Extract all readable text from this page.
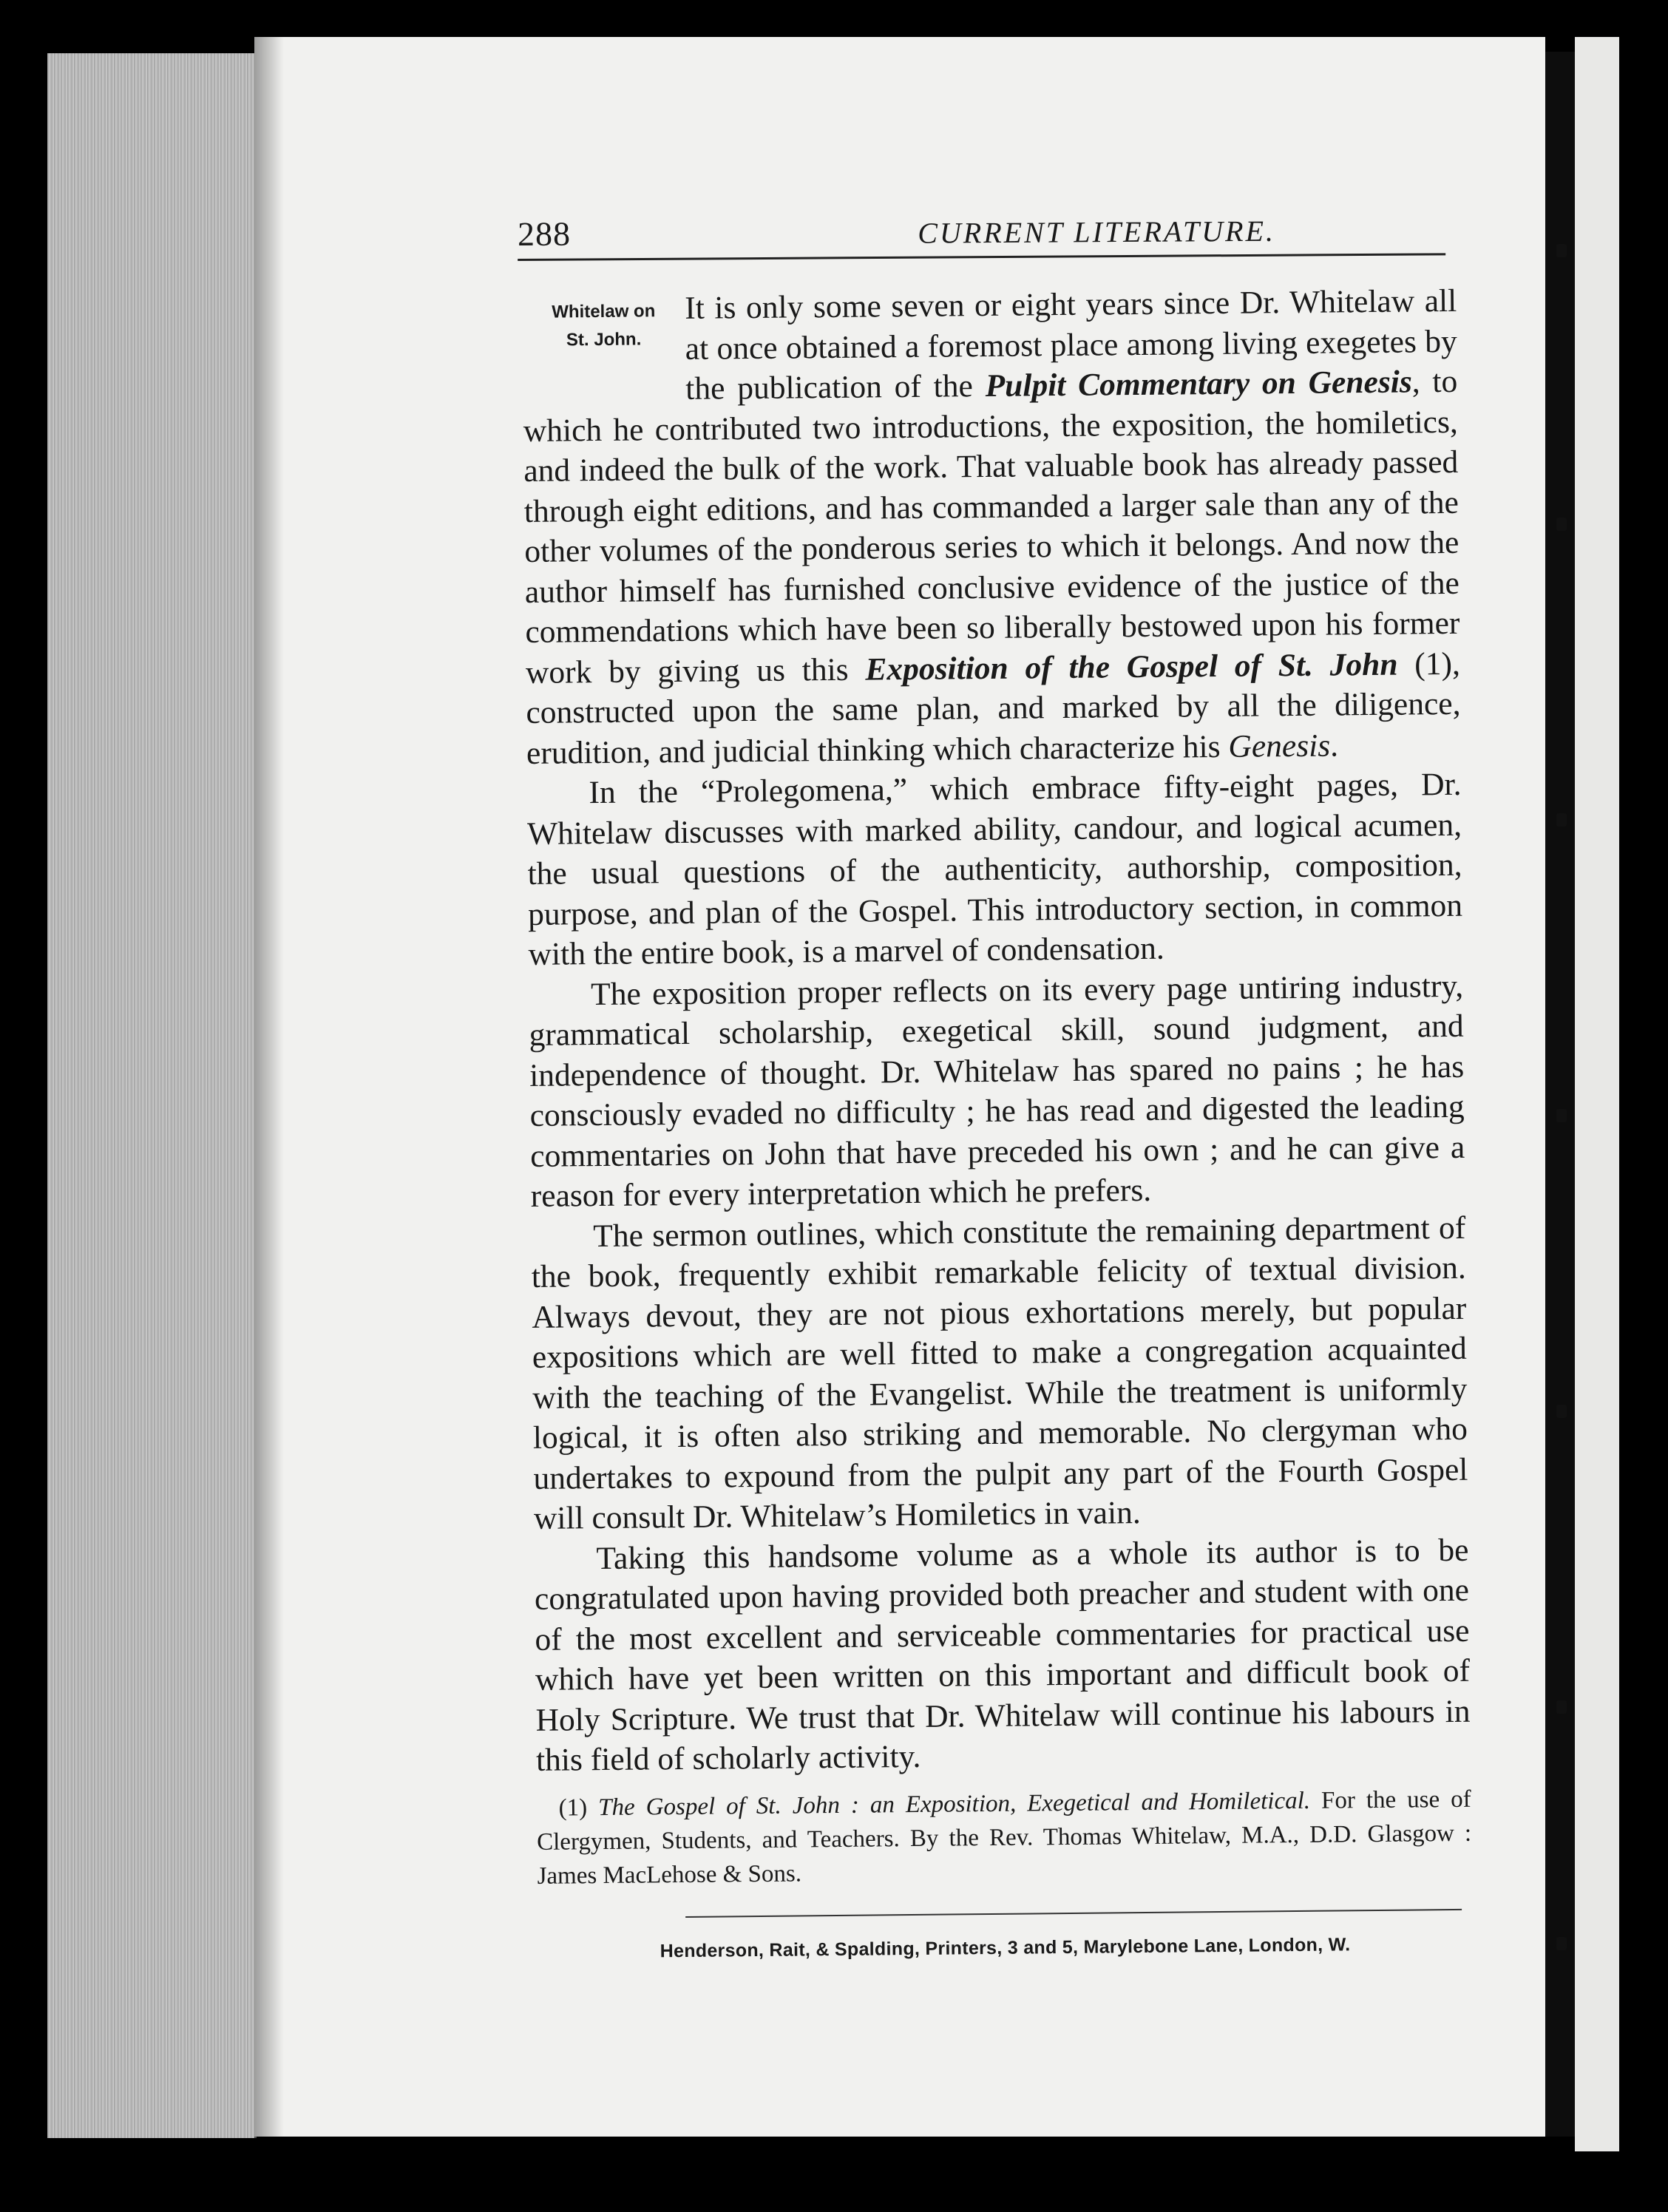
288	CURRENT LITERATURE.
Whitelaw on
St. John.

It is only some seven or eight years since Dr. Whitelaw all at once obtained a foremost place among living exegetes by the publication of the Pulpit Commentary on Genesis, to which he contributed two introductions, the exposition, the homiletics, and indeed the bulk of the work. That valuable book has already passed through eight editions, and has commanded a larger sale than any of the other volumes of the ponderous series to which it belongs. And now the author himself has furnished conclusive evidence of the justice of the commendations which have been so liberally bestowed upon his former work by giving us this Exposition of the Gospel of St. John (1), constructed upon the same plan, and marked by all the diligence, erudition, and judicial thinking which characterize his Genesis.

In the “Prolegomena,” which embrace fifty-eight pages, Dr. Whitelaw discusses with marked ability, candour, and logical acumen, the usual questions of the authenticity, authorship, composition, purpose, and plan of the Gospel. This introductory section, in common with the entire book, is a marvel of condensation.

The exposition proper reflects on its every page untiring industry, grammatical scholarship, exegetical skill, sound judgment, and independence of thought. Dr. Whitelaw has spared no pains ; he has consciously evaded no difficulty ; he has read and digested the leading commentaries on John that have preceded his own ; and he can give a reason for every interpretation which he prefers.

The sermon outlines, which constitute the remaining department of the book, frequently exhibit remarkable felicity of textual division. Always devout, they are not pious exhortations merely, but popular expositions which are well fitted to make a congregation acquainted with the teaching of the Evangelist. While the treatment is uniformly logical, it is often also striking and memorable. No clergyman who undertakes to expound from the pulpit any part of the Fourth Gospel will consult Dr. Whitelaw’s Homiletics in vain.

Taking this handsome volume as a whole its author is to be congratulated upon having provided both preacher and student with one of the most excellent and serviceable commentaries for practical use which have yet been written on this important and difficult book of Holy Scripture. We trust that Dr. Whitelaw will continue his labours in this field of scholarly activity.

(1) The Gospel of St. John : an Exposition, Exegetical and Homiletical. For the use of Clergymen, Students, and Teachers. By the Rev. Thomas Whitelaw, M.A., D.D. Glasgow : James MacLehose & Sons.

Henderson, Rait, & Spalding, Printers, 3 and 5, Marylebone Lane, London, W.
